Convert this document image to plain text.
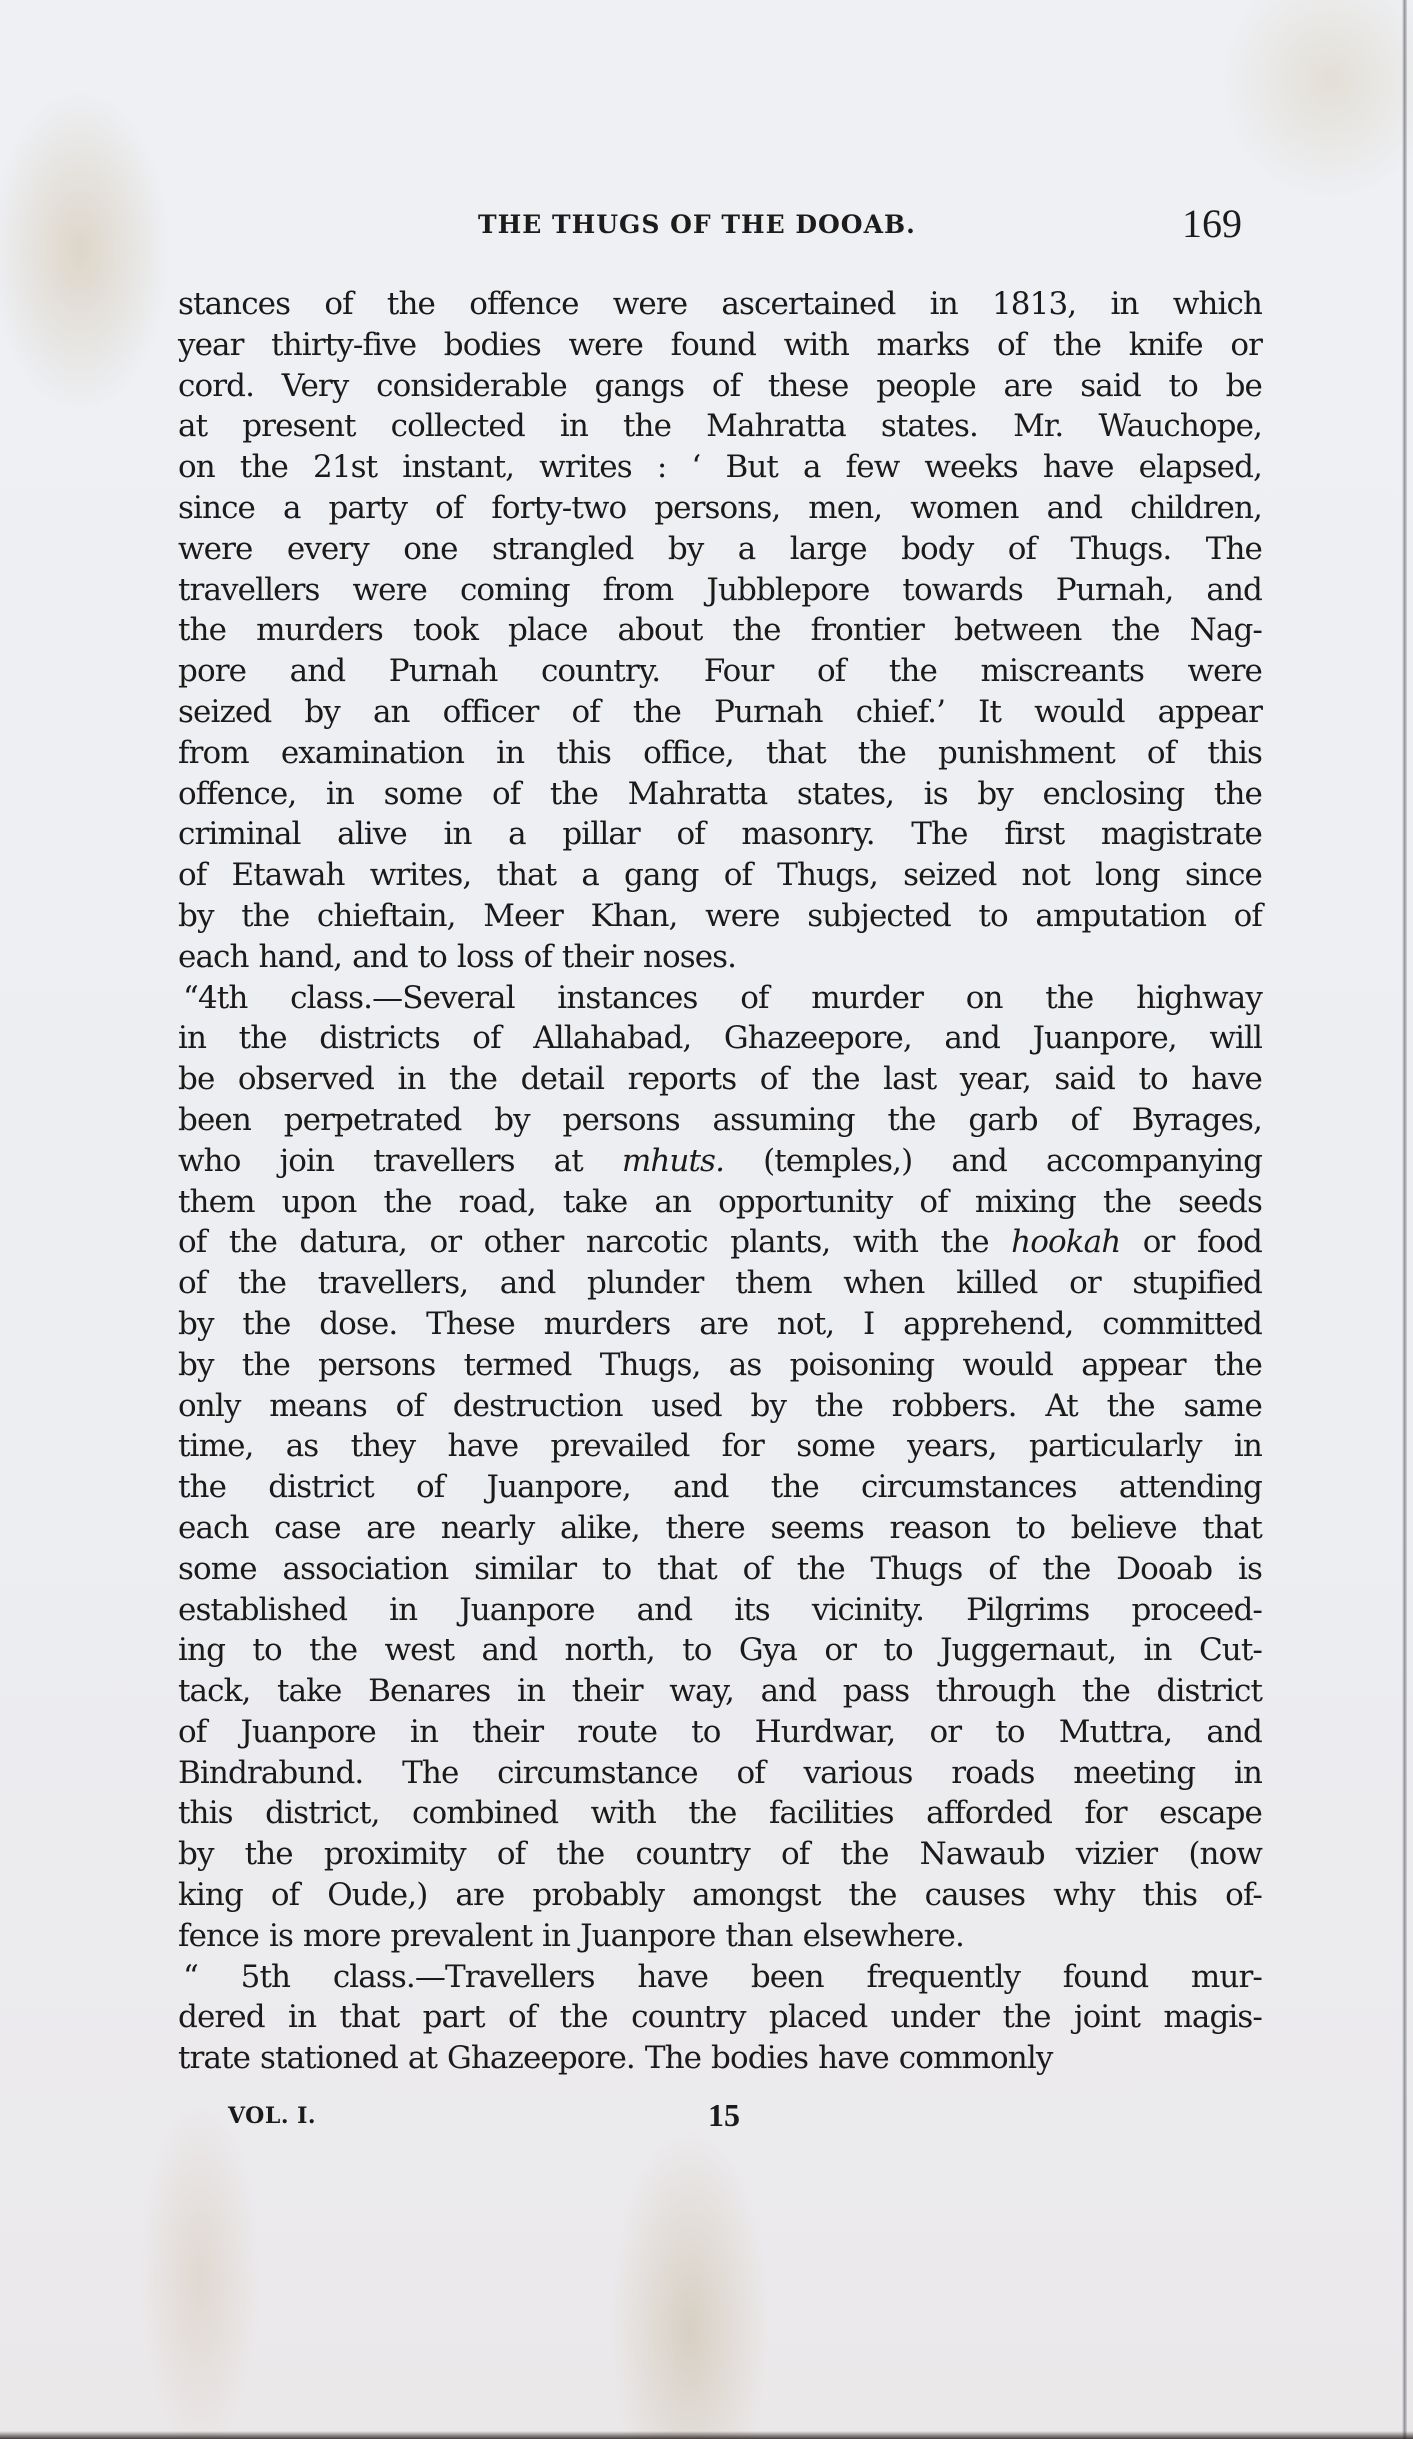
THE THUGS OF THE DOOAB.	169
stances of the offence were ascertained in 1813, in which
year thirty-five bodies were found with marks of the knife or
cord. Very considerable gangs of these people are said to be
at present collected in the Mahratta states. Mr. Wauchope,
on the 21st instant, writes : ‘ But a few weeks have elapsed,
since a party of forty-two persons, men, women and children,
were every one strangled by a large body of Thugs. The
travellers were coming from Jubblepore towards Purnah, and
the murders took place about the frontier between the Nag-
pore and Purnah country. Four of the miscreants were
seized by an officer of the Purnah chief.’ It would appear
from examination in this office, that the punishment of this
offence, in some of the Mahratta states, is by enclosing the
criminal alive in a pillar of masonry. The first magistrate
of Etawah writes, that a gang of Thugs, seized not long since
by the chieftain, Meer Khan, were subjected to amputation of
each hand, and to loss of their noses.
“4th class.—Several instances of murder on the highway
in the districts of Allahabad, Ghazeepore, and Juanpore, will
be observed in the detail reports of the last year, said to have
been perpetrated by persons assuming the garb of Byrages,
who join travellers at mhuts. (temples,) and accompanying
them upon the road, take an opportunity of mixing the seeds
of the datura, or other narcotic plants, with the hookah or food
of the travellers, and plunder them when killed or stupified
by the dose. These murders are not, I apprehend, committed
by the persons termed Thugs, as poisoning would appear the
only means of destruction used by the robbers. At the same
time, as they have prevailed for some years, particularly in
the district of Juanpore, and the circumstances attending
each case are nearly alike, there seems reason to believe that
some association similar to that of the Thugs of the Dooab is
established in Juanpore and its vicinity. Pilgrims proceed-
ing to the west and north, to Gya or to Juggernaut, in Cut-
tack, take Benares in their way, and pass through the district
of Juanpore in their route to Hurdwar, or to Muttra, and
Bindrabund. The circumstance of various roads meeting in
this district, combined with the facilities afforded for escape
by the proximity of the country of the Nawaub vizier (now
king of Oude,) are probably amongst the causes why this of-
fence is more prevalent in Juanpore than elsewhere.
“ 5th class.—Travellers have been frequently found mur-
dered in that part of the country placed under the joint magis-
trate stationed at Ghazeepore. The bodies have commonly
VOL. I.	15
